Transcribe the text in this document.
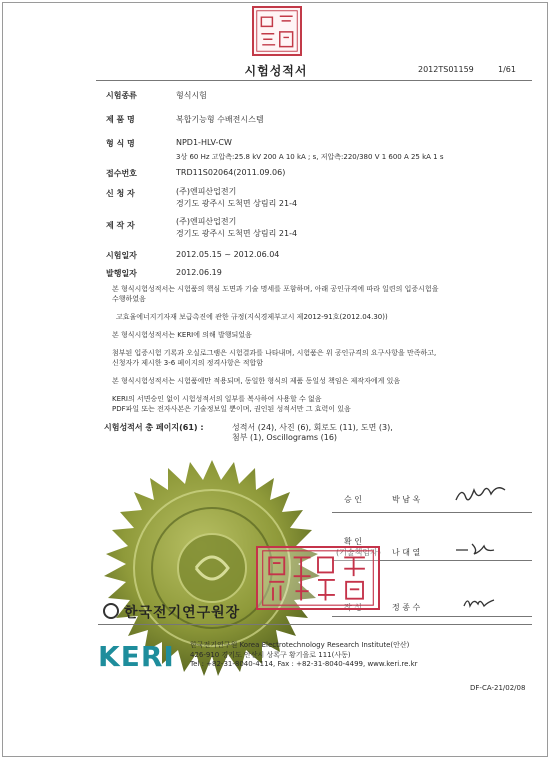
시험성적서	2012TS01159	1/61
시험종류	형식시험
제 품 명	복합기능형 수배전시스템
형 식 명	NPD1-HLV-CW
3상 60 Hz 고압측:25.8 kV 200 A 10 kA ; s, 저압측:220/380 V 1 600 A 25 kA 1 s
접수번호	TRD11S02064(2011.09.06)
신 청 자	(주)엔피산업전기
경기도 광주시 도척면 상림리 21-4
제 작 자	(주)엔피산업전기
경기도 광주시 도척면 상림리 21-4
시험일자	2012.05.15 ~ 2012.06.04
발행일자	2012.06.19
본 형식시험성적서는 시험품의 핵심 도면과 기술 명세를 포함하며, 아래 공인규격에 따라 일련의 입증시험을
수행하였음
고효율에너지기자재 보급촉진에 관한 규정(지식경제부고시 제2012-91호(2012.04.30))
본 형식시험성적서는 KERI에 의해 발행되었음
첨부된 입증시험 기록과 오실로그램은 시험결과를 나타내며, 시험품은 위 공인규격의 요구사항을 만족하고,
신청자가 제시한 3-6 페이지의 정격사항은 적합함
본 형식시험성적서는 시험품에만 적용되며, 동일한 형식의 제품 동일성 책임은 제작자에게 있음
KERI의 서면승인 없이 시험성적서의 일부를 복사하여 사용할 수 없음
PDF파일 또는 전자사본은 기술정보일 뿐이며, 권인된 성적서만 그 효력이 있음
시험성적서 총 페이지(61) :	성적서 (24), 사진 (6), 회로도 (11), 도면 (3),
첨부 (1), Oscillograms (16)
승 인	박 남 옥
확 인
(기술책임자) 나 대 열
작 성	정 종 수
한국전기연구원장
KERI 한국전기연구원 Korea Electrotechnology Research Institute(안산)
426-910 경기도 안산시 상록구 황기을로 111(사동)
Tel : +82-31-8040-4114, Fax : +82-31-8040-4499, www.keri.re.kr
DF-CA-21/02/08
